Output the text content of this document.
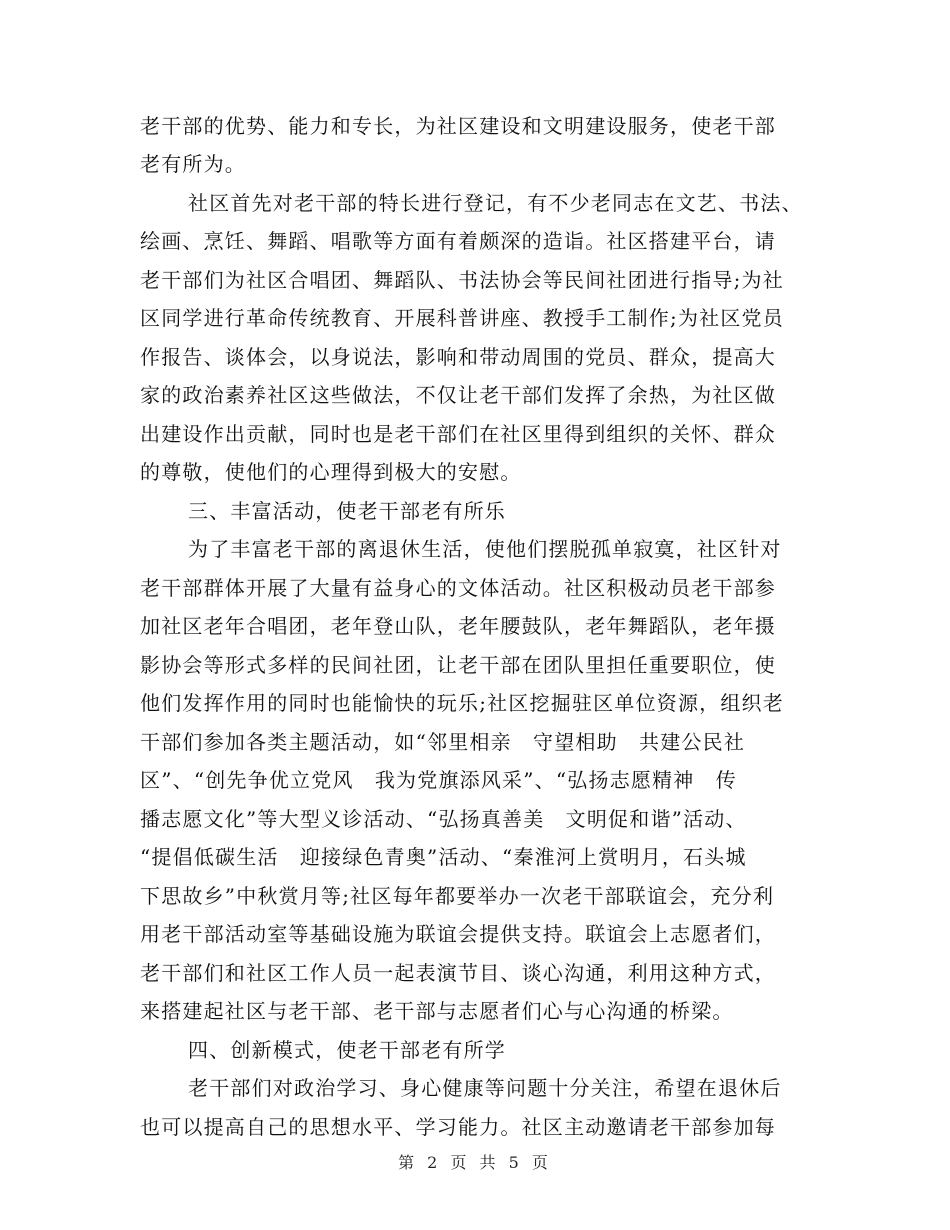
老干部的优势、能力和专长，为社区建设和文明建设服务，使老干部
老有所为。
社区首先对老干部的特长进行登记，有不少老同志在文艺、书法、
绘画、烹饪、舞蹈、唱歌等方面有着颇深的造诣。社区搭建平台，请
老干部们为社区合唱团、舞蹈队、书法协会等民间社团进行指导;为社
区同学进行革命传统教育、开展科普讲座、教授手工制作;为社区党员
作报告、谈体会，以身说法，影响和带动周围的党员、群众，提高大
家的政治素养社区这些做法，不仅让老干部们发挥了余热，为社区做
出建设作出贡献，同时也是老干部们在社区里得到组织的关怀、群众
的尊敬，使他们的心理得到极大的安慰。
三、丰富活动，使老干部老有所乐
为了丰富老干部的离退休生活，使他们摆脱孤单寂寞，社区针对
老干部群体开展了大量有益身心的文体活动。社区积极动员老干部参
加社区老年合唱团，老年登山队，老年腰鼓队，老年舞蹈队，老年摄
影协会等形式多样的民间社团，让老干部在团队里担任重要职位，使
他们发挥作用的同时也能愉快的玩乐;社区挖掘驻区单位资源，组织老
干部们参加各类主题活动，如“邻里相亲　守望相助　共建公民社
区”、“创先争优立党风　我为党旗添风采”、“弘扬志愿精神　传
播志愿文化”等大型义诊活动、“弘扬真善美　文明促和谐”活动、
“提倡低碳生活　迎接绿色青奥”活动、“秦淮河上赏明月，石头城
下思故乡”中秋赏月等;社区每年都要举办一次老干部联谊会，充分利
用老干部活动室等基础设施为联谊会提供支持。联谊会上志愿者们，
老干部们和社区工作人员一起表演节目、谈心沟通，利用这种方式，
来搭建起社区与老干部、老干部与志愿者们心与心沟通的桥梁。
四、创新模式，使老干部老有所学
老干部们对政治学习、身心健康等问题十分关注，希望在退休后
也可以提高自己的思想水平、学习能力。社区主动邀请老干部参加每
第 2 页 共 5 页
